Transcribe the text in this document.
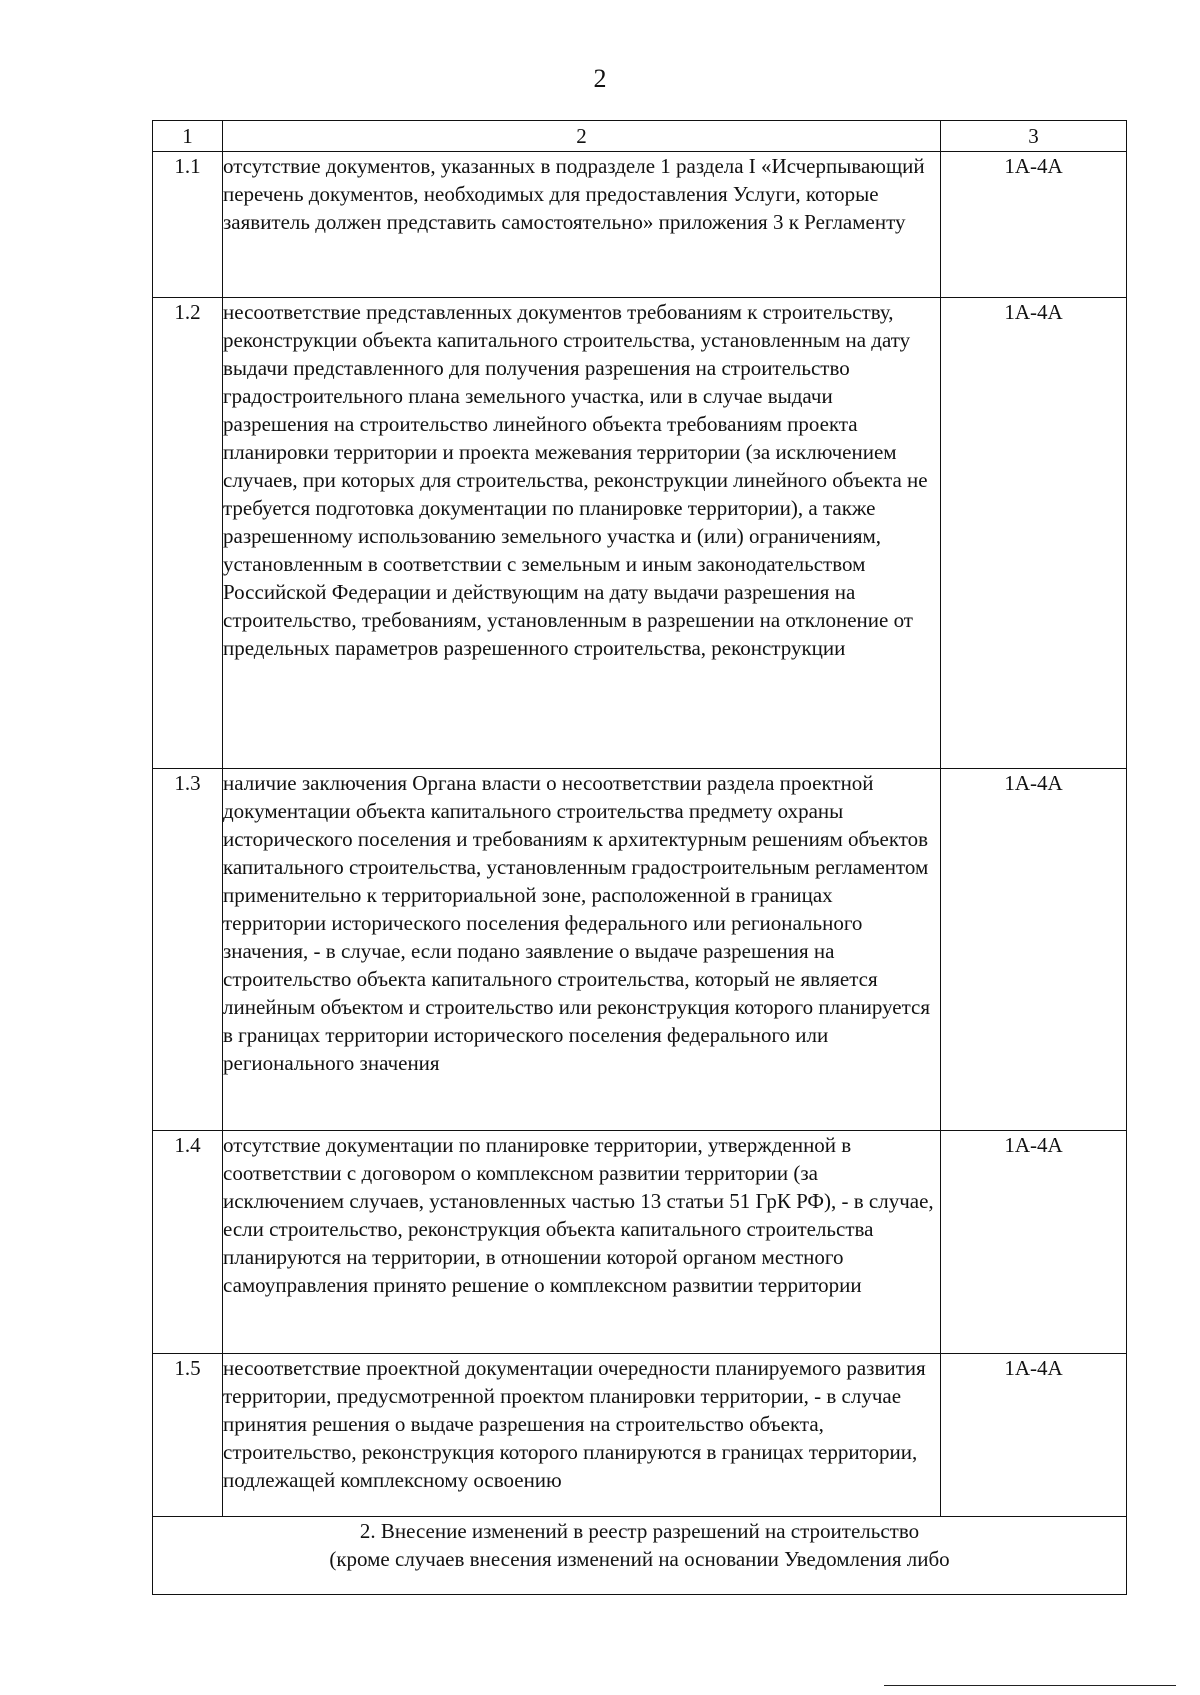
2
1	2	3
1.1	отсутствие документов, указанных в подразделе 1 раздела I «Исчерпывающий перечень документов, необходимых для предоставления Услуги, которые заявитель должен представить самостоятельно» приложения 3 к Регламенту	1А-4А
1.2	несоответствие представленных документов требованиям к строительству, реконструкции объекта капитального строительства, установленным на дату выдачи представленного для получения разрешения на строительство градостроительного плана земельного участка, или в случае выдачи разрешения на строительство линейного объекта требованиям проекта планировки территории и проекта межевания территории (за исключением случаев, при которых для строительства, реконструкции линейного объекта не требуется подготовка документации по планировке территории), а также разрешенному использованию земельного участка и (или) ограничениям, установленным в соответствии с земельным и иным законодательством Российской Федерации и действующим на дату выдачи разрешения на строительство, требованиям, установленным в разрешении на отклонение от предельных параметров разрешенного строительства, реконструкции	1А-4А
1.3	наличие заключения Органа власти о несоответствии раздела проектной документации объекта капитального строительства предмету охраны исторического поселения и требованиям к архитектурным решениям объектов капитального строительства, установленным градостроительным регламентом применительно к территориальной зоне, расположенной в границах территории исторического поселения федерального или регионального значения, - в случае, если подано заявление о выдаче разрешения на строительство объекта капитального строительства, который не является линейным объектом и строительство или реконструкция которого планируется в границах территории исторического поселения федерального или регионального значения	1А-4А
1.4	отсутствие документации по планировке территории, утвержденной в соответствии с договором о комплексном развитии территории (за исключением случаев, установленных частью 13 статьи 51 ГрК РФ), - в случае, если строительство, реконструкция объекта капитального строительства планируются на территории, в отношении которой органом местного самоуправления принято решение о комплексном развитии территории	1А-4А
1.5	несоответствие проектной документации очередности планируемого развития территории, предусмотренной проектом планировки территории, - в случае принятия решения о выдаче разрешения на строительство объекта, строительство, реконструкция которого планируются в границах территории, подлежащей комплексному освоению	1А-4А

2. Внесение изменений в реестр разрешений на строительство
(кроме случаев внесения изменений на основании Уведомления либо		
